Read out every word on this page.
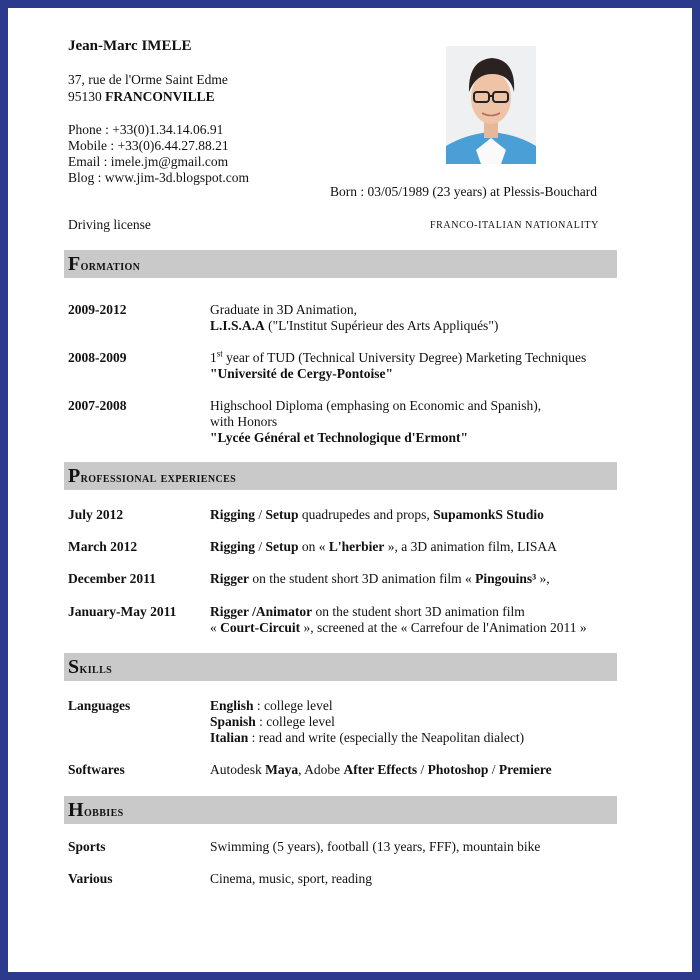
Jean-Marc IMELE
37, rue de l'Orme Saint Edme
95130 FRANCONVILLE
Phone : +33(0)1.34.14.06.91
Mobile : +33(0)6.44.27.88.21
Email : imele.jm@gmail.com
Blog : www.jim-3d.blogspot.com
Born : 03/05/1989 (23 years) at Plessis-Bouchard
Driving license	FRANCO-ITALIAN NATIONALITY
Formation
2009-2012	Graduate in 3D Animation,
L.I.S.A.A ("L'Institut Supérieur des Arts Appliqués")
2008-2009	1st year of TUD (Technical University Degree) Marketing Techniques
"Université de Cergy-Pontoise"
2007-2008	Highschool Diploma (emphasing on Economic and Spanish),
with Honors
"Lycée Général et Technologique d'Ermont"
Professional experiences
July 2012	Rigging / Setup quadrupedes and props, SupamonkS Studio
March 2012	Rigging / Setup on « L'herbier », a 3D animation film, LISAA
December 2011	Rigger on the student short 3D animation film « Pingouins³ »,
January-May 2011 Rigger /Animator on the student short 3D animation film
« Court-Circuit », screened at the « Carrefour de l'Animation 2011 »
Skills
Languages	English : college level
Spanish : college level
Italian : read and write (especially the Neapolitan dialect)
Softwares	Autodesk Maya, Adobe After Effects / Photoshop / Premiere
Hobbies
Sports	Swimming (5 years), football (13 years, FFF), mountain bike
Various	Cinema, music, sport, reading
